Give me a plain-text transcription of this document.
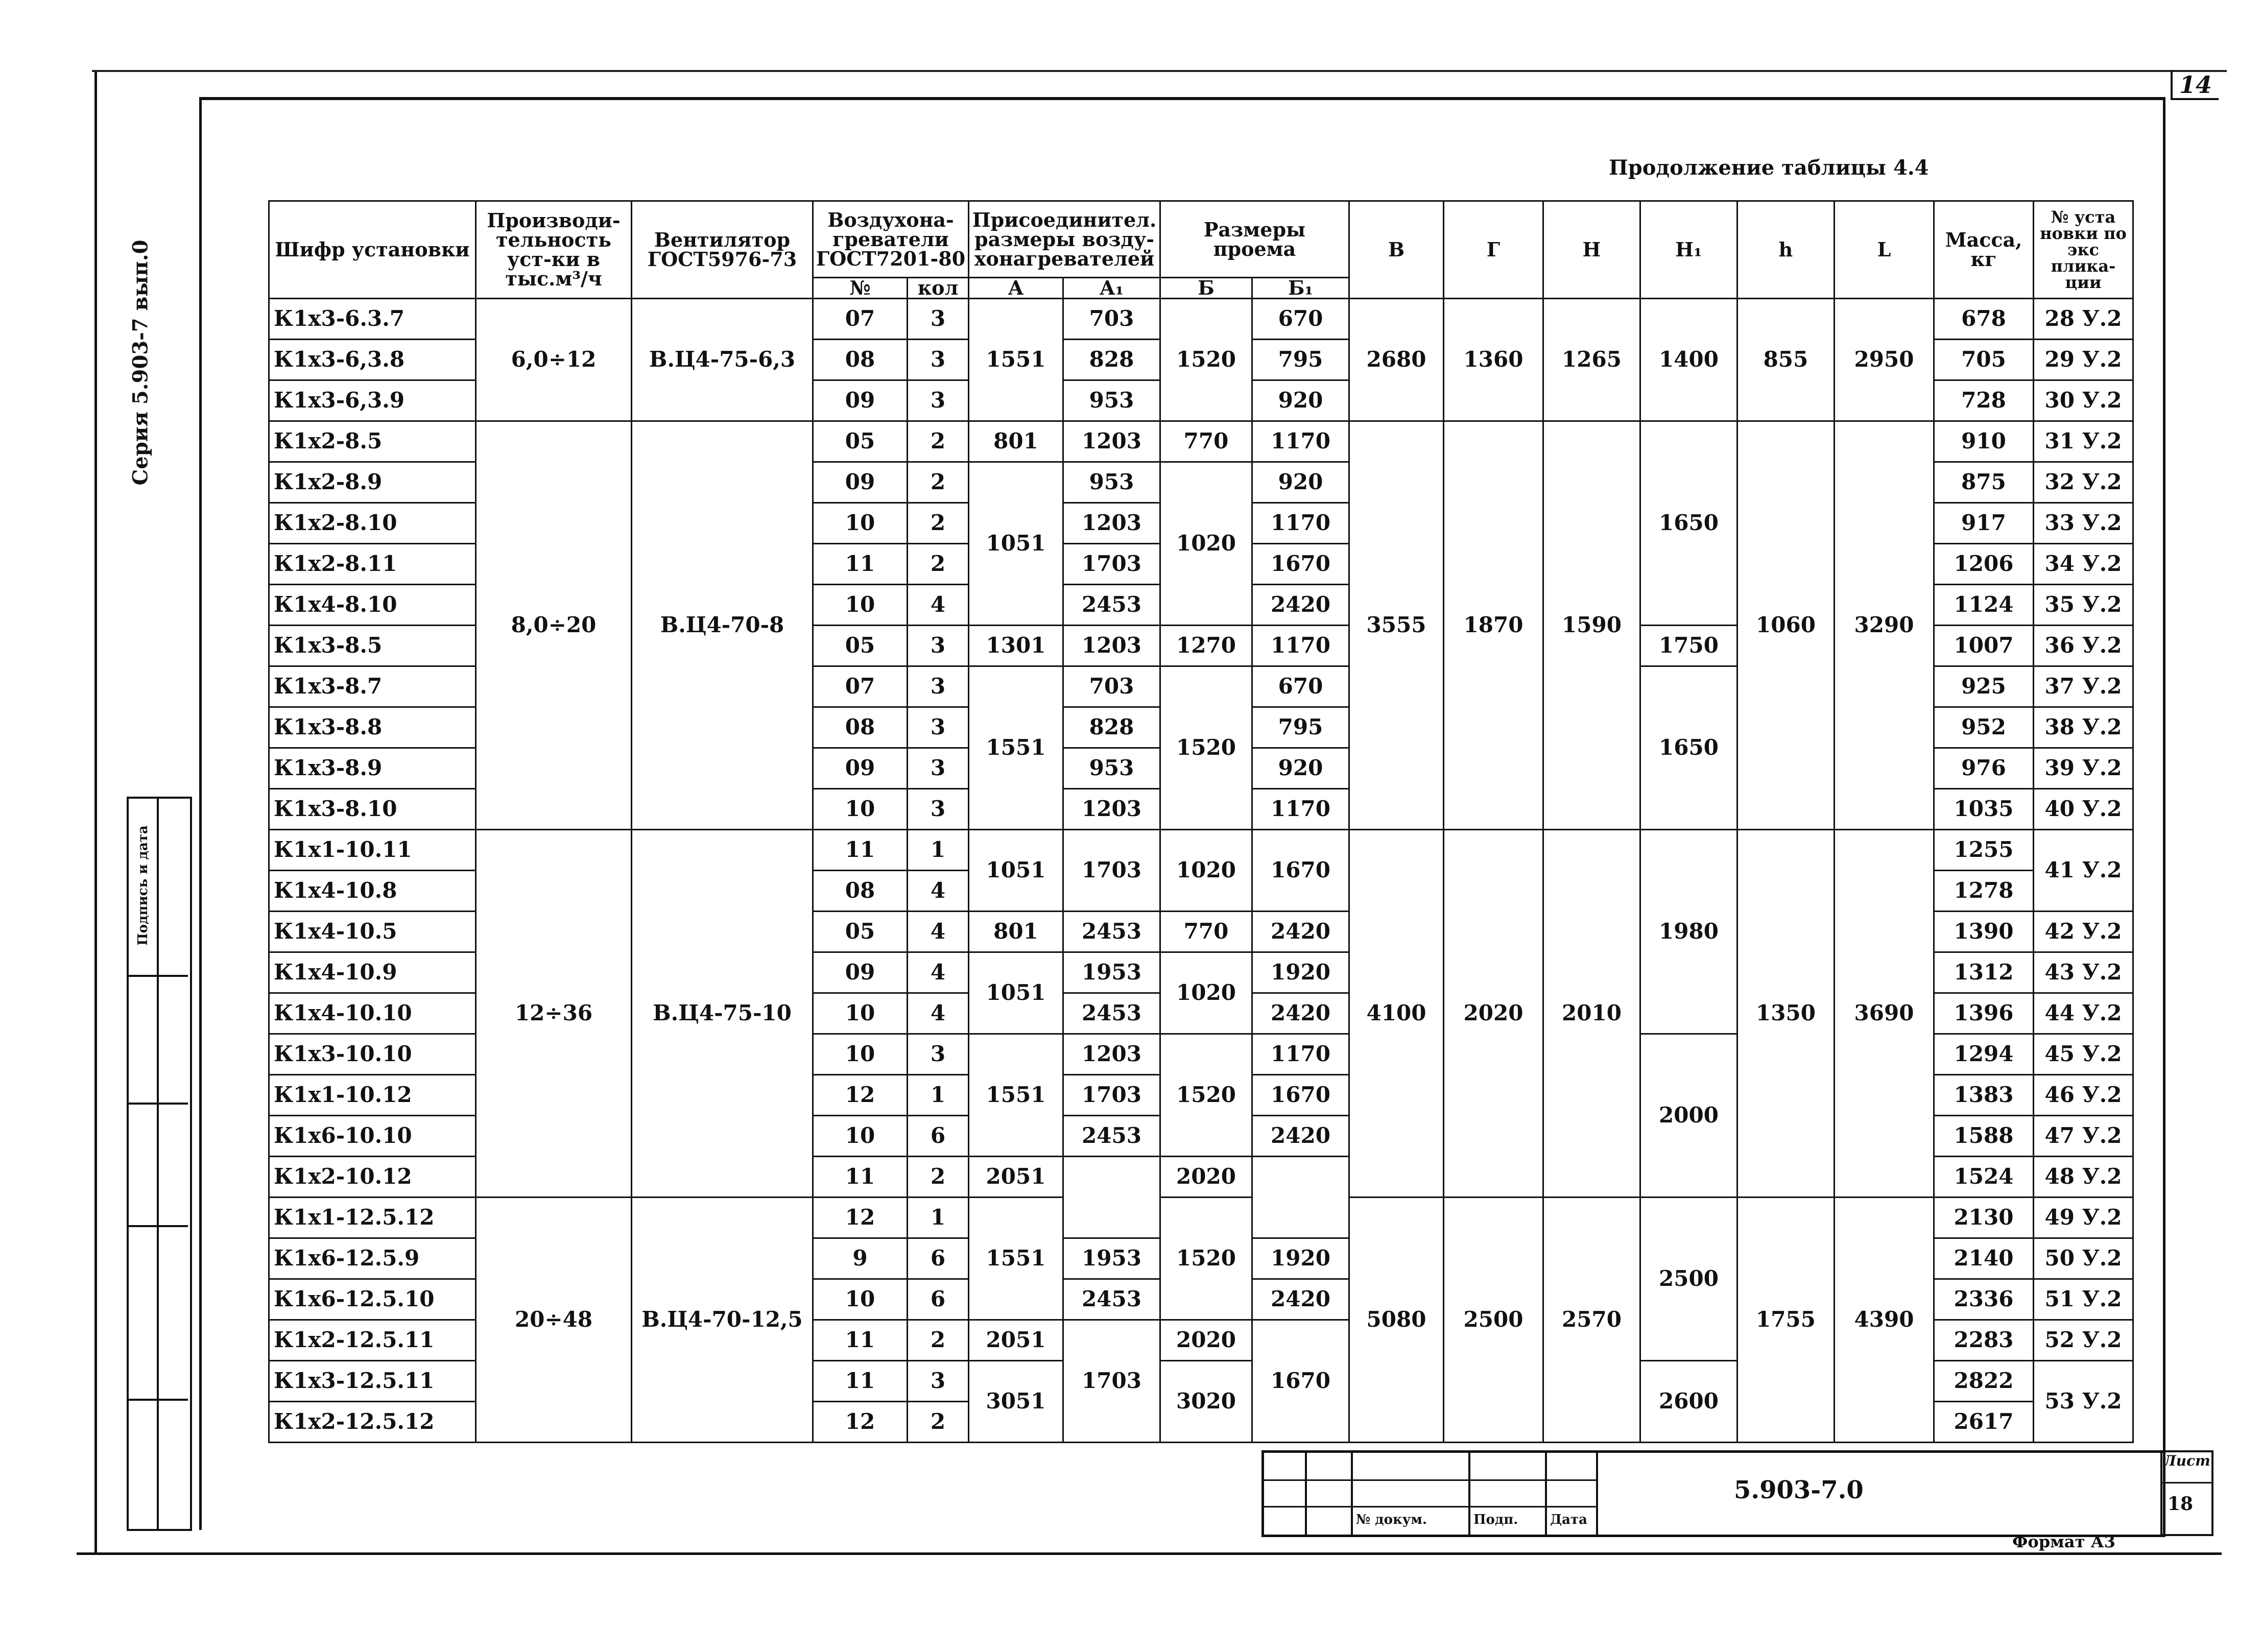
14
Серия 5.903-7 вып.0
Подпись и дата
Продолжение таблицы 4.4
Шифр установки	Производи-тельность уст-ки в тыс.м³/ч	Вентилятор ГОСТ5976-73	Воздухона-греватели ГОСТ7201-80		Присоединител. размеры возду-хонагревателей		Размеры проема		В	Г	Н	Н₁	h	L	Масса, кг	№ уста новки по экс плика-ции
			№	кол	А	А₁	Б	Б₁								
К1х3-6.3.7	6,0÷12	В.Ц4-75-6,3	07	3	1551	703	1520	670	2680	1360	1265	1400	855	2950	678	28 У.2
К1х3-6,3.8			08	3		828		795							705	29 У.2
К1х3-6,3.9			09	3		953		920							728	30 У.2
К1х2-8.5	8,0÷20	В.Ц4-70-8	05	2	801	1203	770	1170	3555	1870	1590	1650	1060	3290	910	31 У.2
К1х2-8.9			09	2	1051	953	1020	920							875	32 У.2
К1х2-8.10			10	2		1203		1170							917	33 У.2
К1х2-8.11			11	2		1703		1670							1206	34 У.2
К1х4-8.10			10	4		2453		2420							1124	35 У.2
К1х3-8.5			05	3	1301	1203	1270	1170				1750			1007	36 У.2
К1х3-8.7			07	3	1551	703	1520	670				1650			925	37 У.2
К1х3-8.8			08	3		828		795							952	38 У.2
К1х3-8.9			09	3		953		920							976	39 У.2
К1х3-8.10			10	3		1203		1170							1035	40 У.2
К1х1-10.11	12÷36	В.Ц4-75-10	11	1	1051	1703	1020	1670	4100	2020	2010	1980	1350	3690	1255	41 У.2
К1х4-10.8			08	4											1278	
К1х4-10.5			05	4	801	2453	770	2420							1390	42 У.2
К1х4-10.9			09	4	1051	1953	1020	1920							1312	43 У.2
К1х4-10.10			10	4		2453		2420							1396	44 У.2
К1х3-10.10			10	3	1551	1203	1520	1170				2000			1294	45 У.2
К1х1-10.12			12	1		1703		1670							1383	46 У.2
К1х6-10.10			10	6		2453		2420							1588	47 У.2
К1х2-10.12			11	2	2051		2020								1524	48 У.2
К1х1-12.5.12	20÷48	В.Ц4-70-12,5	12	1	1551		1520		5080	2500	2570	2500	1755	4390	2130	49 У.2
К1х6-12.5.9			9	6		1953		1920							2140	50 У.2
К1х6-12.5.10			10	6		2453		2420							2336	51 У.2
К1х2-12.5.11			11	2	2051	1703	2020	1670							2283	52 У.2
К1х3-12.5.11			11	3	3051		3020					2600			2822	53 У.2
К1х2-12.5.12			12	2											2617	
№ докум.	Подп. Дата
5.903-7.0
Лист
18
Формат А3
